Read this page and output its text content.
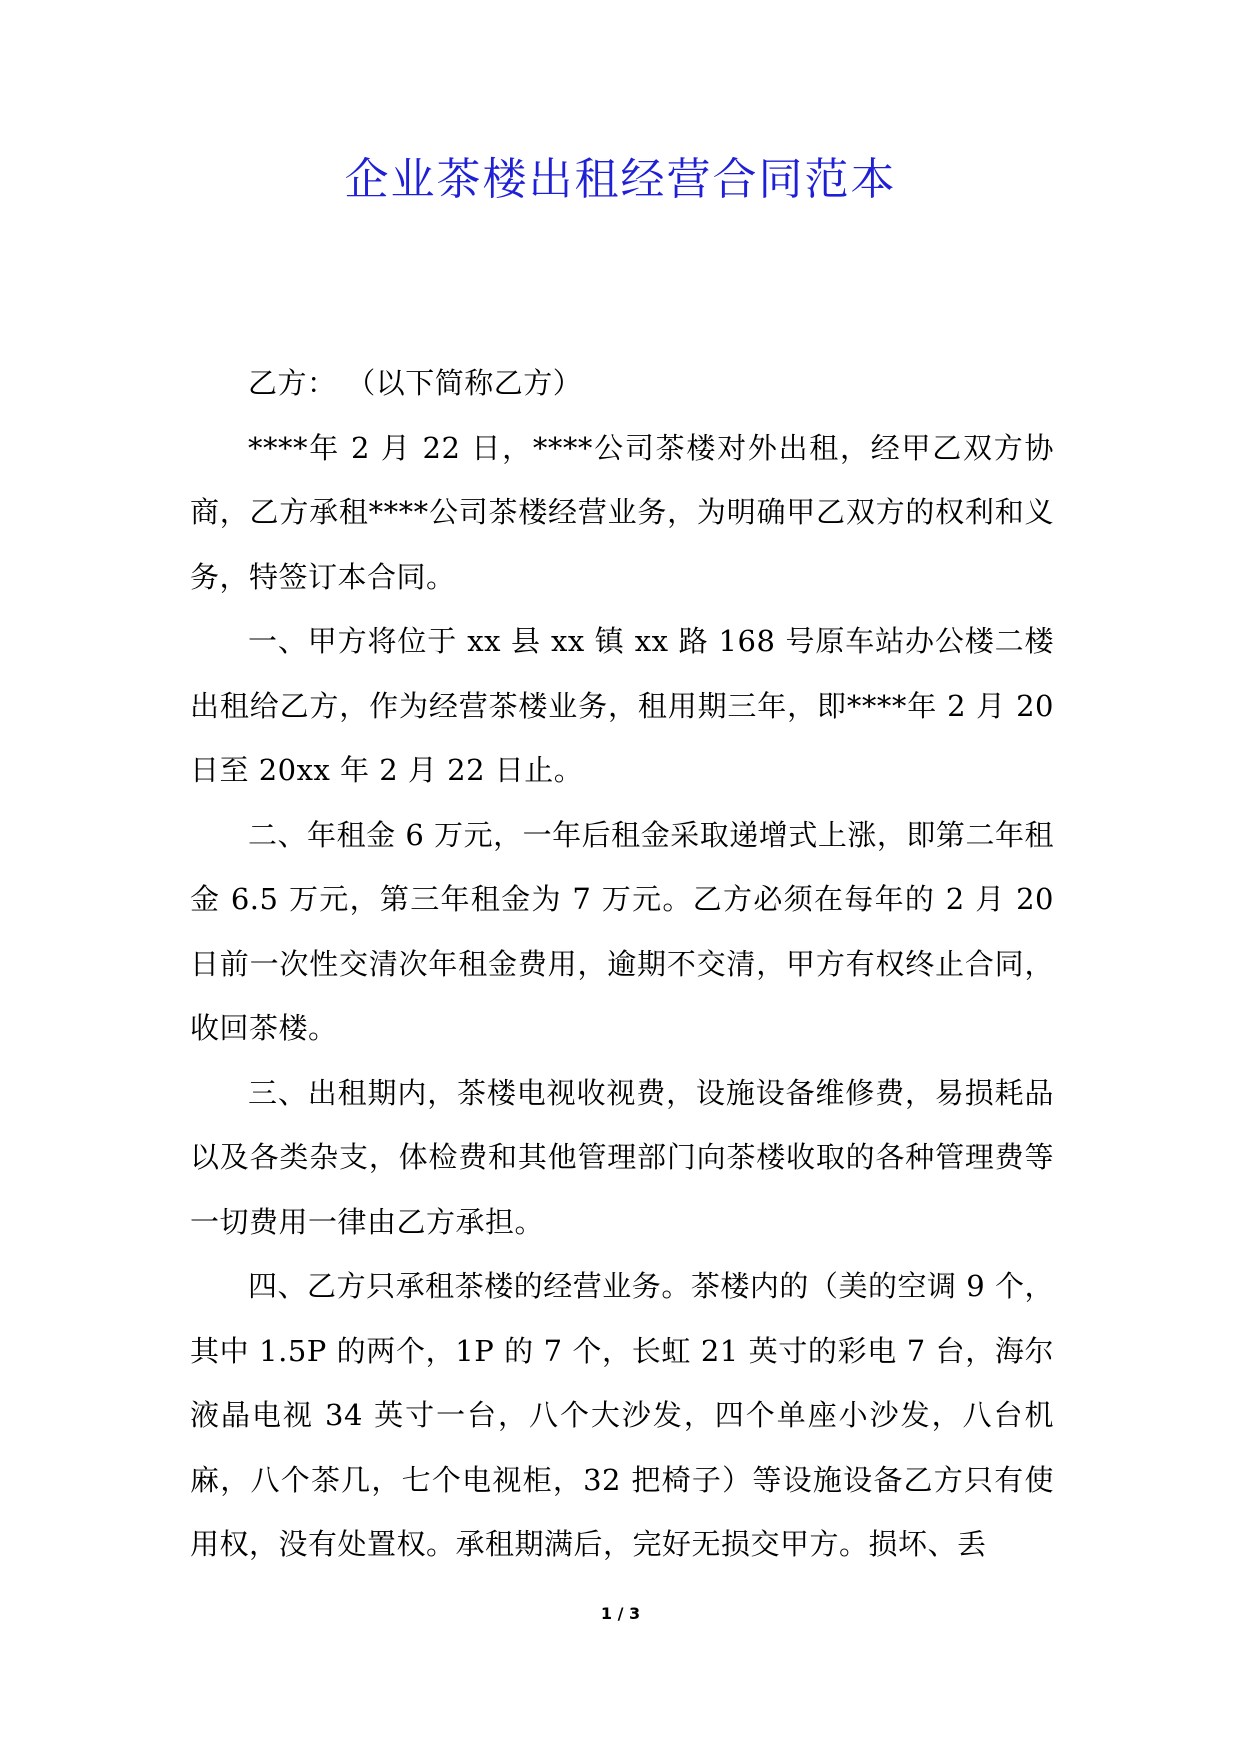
企业茶楼出租经营合同范本

乙方： （以下简称乙方）

****年 2 月 22 日，****公司茶楼对外出租，经甲乙双方协商，乙方承租****公司茶楼经营业务，为明确甲乙双方的权利和义务，特签订本合同。

一、甲方将位于 xx 县 xx 镇 xx 路 168 号原车站办公楼二楼出租给乙方，作为经营茶楼业务，租用期三年，即****年 2 月 20 日至 20xx 年 2 月 22 日止。

二、年租金 6 万元，一年后租金采取递增式上涨，即第二年租金 6.5 万元，第三年租金为 7 万元。乙方必须在每年的 2 月 20 日前一次性交清次年租金费用，逾期不交清，甲方有权终止合同，收回茶楼。

三、出租期内，茶楼电视收视费，设施设备维修费，易损耗品以及各类杂支，体检费和其他管理部门向茶楼收取的各种管理费等一切费用一律由乙方承担。

四、乙方只承租茶楼的经营业务。茶楼内的（美的空调 9 个，其中 1.5P 的两个，1P 的 7 个，长虹 21 英寸的彩电 7 台，海尔液晶电视 34 英寸一台，八个大沙发，四个单座小沙发，八台机麻，八个茶几，七个电视柜，32 把椅子）等设施设备乙方只有使用权，没有处置权。承租期满后，完好无损交甲方。损坏、丢

1 / 3
